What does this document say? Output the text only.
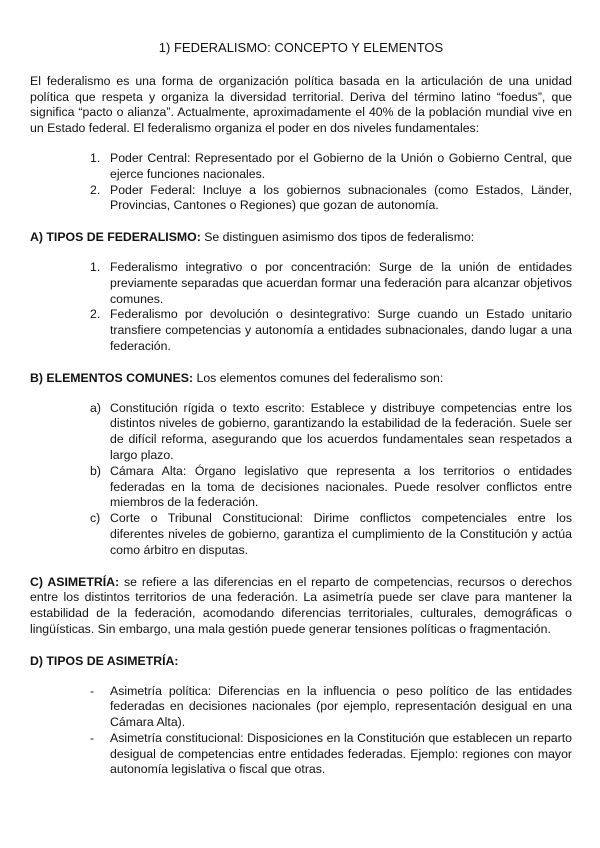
1) FEDERALISMO: CONCEPTO Y ELEMENTOS

El federalismo es una forma de organización política basada en la articulación de una unidad política que respeta y organiza la diversidad territorial. Deriva del término latino “foedus”, que significa “pacto o alianza”. Actualmente, aproximadamente el 40% de la población mundial vive en un Estado federal. El federalismo organiza el poder en dos niveles fundamentales:

1. Poder Central: Representado por el Gobierno de la Unión o Gobierno Central, que ejerce funciones nacionales.
2. Poder Federal: Incluye a los gobiernos subnacionales (como Estados, Länder, Provincias, Cantones o Regiones) que gozan de autonomía.

A) TIPOS DE FEDERALISMO: Se distinguen asimismo dos tipos de federalismo:

1. Federalismo integrativo o por concentración: Surge de la unión de entidades previamente separadas que acuerdan formar una federación para alcanzar objetivos comunes.
2. Federalismo por devolución o desintegrativo: Surge cuando un Estado unitario transfiere competencias y autonomía a entidades subnacionales, dando lugar a una federación.

B) ELEMENTOS COMUNES: Los elementos comunes del federalismo son:

a) Constitución rígida o texto escrito: Establece y distribuye competencias entre los distintos niveles de gobierno, garantizando la estabilidad de la federación. Suele ser de difícil reforma, asegurando que los acuerdos fundamentales sean respetados a largo plazo.
b) Cámara Alta: Órgano legislativo que representa a los territorios o entidades federadas en la toma de decisiones nacionales. Puede resolver conflictos entre miembros de la federación.
c) Corte o Tribunal Constitucional: Dirime conflictos competenciales entre los diferentes niveles de gobierno, garantiza el cumplimiento de la Constitución y actúa como árbitro en disputas.

C) ASIMETRÍA: se refiere a las diferencias en el reparto de competencias, recursos o derechos entre los distintos territorios de una federación. La asimetría puede ser clave para mantener la estabilidad de la federación, acomodando diferencias territoriales, culturales, demográficas o lingüísticas. Sin embargo, una mala gestión puede generar tensiones políticas o fragmentación.

D) TIPOS DE ASIMETRÍA:

- Asimetría política: Diferencias en la influencia o peso político de las entidades federadas en decisiones nacionales (por ejemplo, representación desigual en una Cámara Alta).
- Asimetría constitucional: Disposiciones en la Constitución que establecen un reparto desigual de competencias entre entidades federadas. Ejemplo: regiones con mayor autonomía legislativa o fiscal que otras.
